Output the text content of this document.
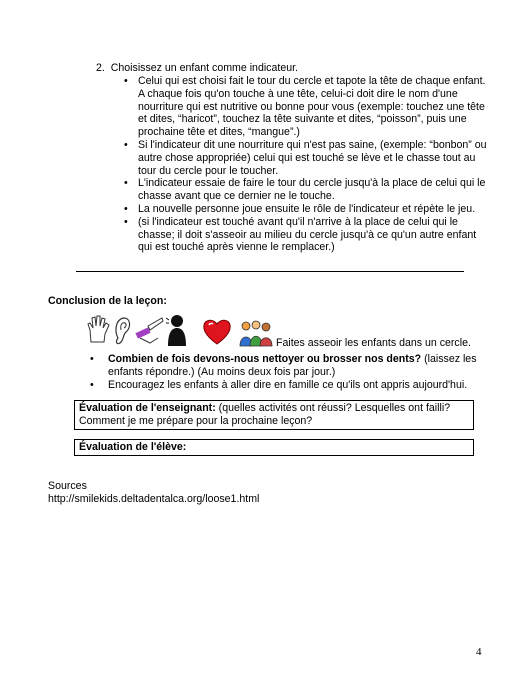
2. Choisissez un enfant comme indicateur.
• Celui qui est choisi fait le tour du cercle et tapote la tête de chaque enfant. A chaque fois qu'on touche à une tête, celui-ci doit dire le nom d'une nourriture qui est nutritive ou bonne pour vous (exemple: touchez une tête et dites, “haricot”, touchez la tête suivante et dites, “poisson”, puis une prochaine tête et dites, “mangue”.)
• Si l'indicateur dit une nourriture qui n'est pas saine, (exemple: “bonbon” ou autre chose appropriée) celui qui est touché se lève et le chasse tout au tour du cercle pour le toucher.
• L'indicateur essaie de faire le tour du cercle jusqu'à la place de celui qui le chasse avant que ce dernier ne le touche.
• La nouvelle personne joue ensuite le rôle de l'indicateur et répète le jeu.
• (si l'indicateur est touché avant qu'il n'arrive à la place de celui qui le chasse; il doit s'asseoir au milieu du cercle jusqu'à ce qu'un autre enfant qui est touché après vienne le remplacer.)
Conclusion de la leçon:
Faites asseoir les enfants dans un cercle.
• Combien de fois devons-nous nettoyer ou brosser nos dents? (laissez les enfants répondre.) (Au moins deux fois par jour.)
• Encouragez les enfants à aller dire en famille ce qu'ils ont appris aujourd'hui.
Évaluation de l'enseignant: (quelles activités ont réussi? Lesquelles ont failli? Comment je me prépare pour la prochaine leçon?
Évaluation de l'élève:
Sources
http://smilekids.deltadentalca.org/loose1.html
4
